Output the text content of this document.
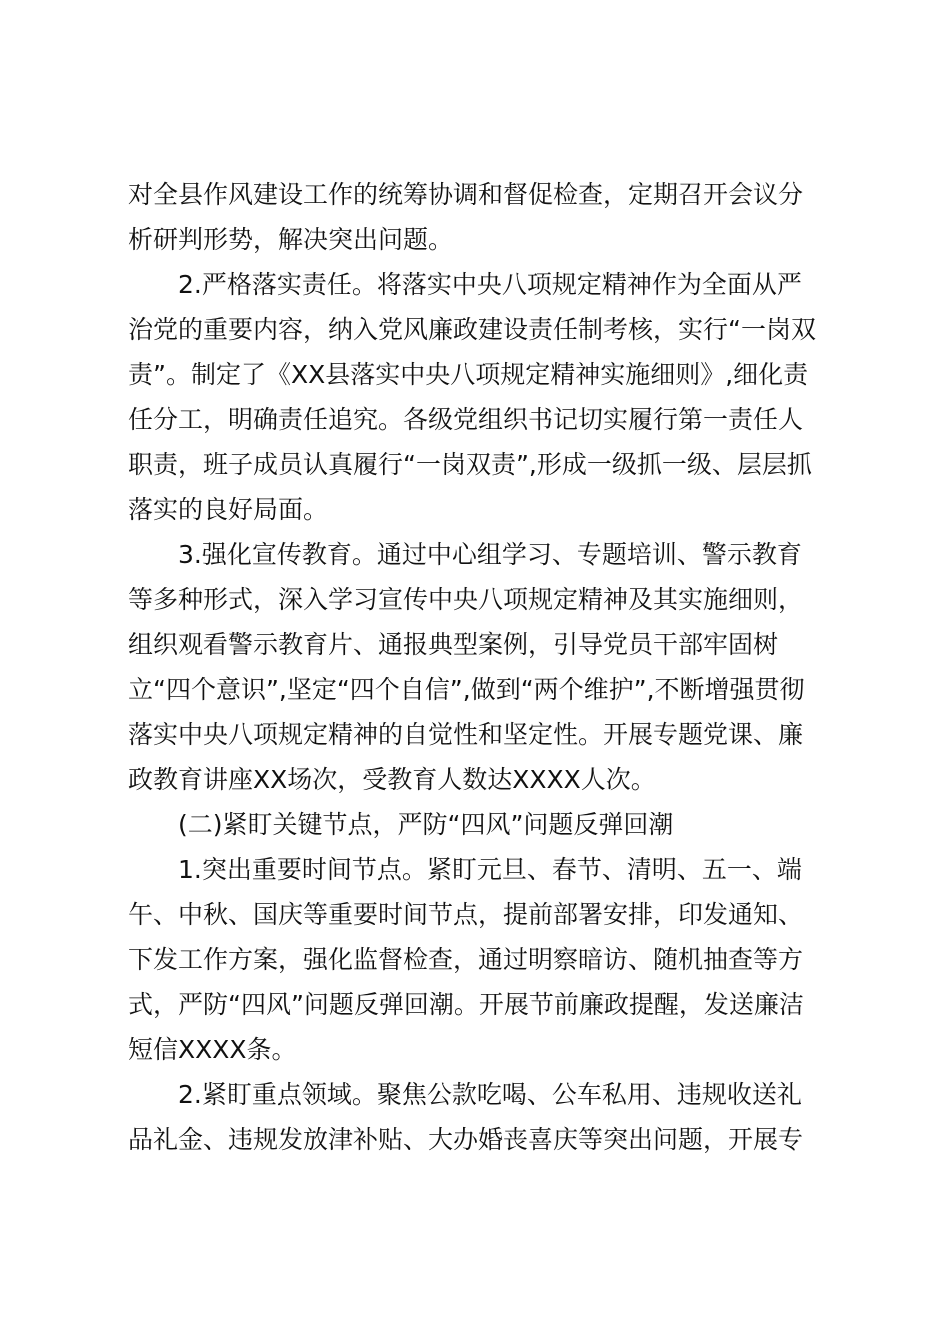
对全县作风建设工作的统筹协调和督促检查，定期召开会议分
析研判形势，解决突出问题。
2.严格落实责任。将落实中央八项规定精神作为全面从严
治党的重要内容，纳入党风廉政建设责任制考核，实行“一岗双
责”。制定了《XX县落实中央八项规定精神实施细则》,细化责
任分工，明确责任追究。各级党组织书记切实履行第一责任人
职责，班子成员认真履行“一岗双责”,形成一级抓一级、层层抓
落实的良好局面。
3.强化宣传教育。通过中心组学习、专题培训、警示教育
等多种形式，深入学习宣传中央八项规定精神及其实施细则，
组织观看警示教育片、通报典型案例，引导党员干部牢固树
立“四个意识”,坚定“四个自信”,做到“两个维护”,不断增强贯彻
落实中央八项规定精神的自觉性和坚定性。开展专题党课、廉
政教育讲座XX场次，受教育人数达XXXX人次。
(二)紧盯关键节点，严防“四风”问题反弹回潮
1.突出重要时间节点。紧盯元旦、春节、清明、五一、端
午、中秋、国庆等重要时间节点，提前部署安排，印发通知、
下发工作方案，强化监督检查，通过明察暗访、随机抽查等方
式，严防“四风”问题反弹回潮。开展节前廉政提醒，发送廉洁
短信XXXX条。
2.紧盯重点领域。聚焦公款吃喝、公车私用、违规收送礼
品礼金、违规发放津补贴、大办婚丧喜庆等突出问题，开展专
